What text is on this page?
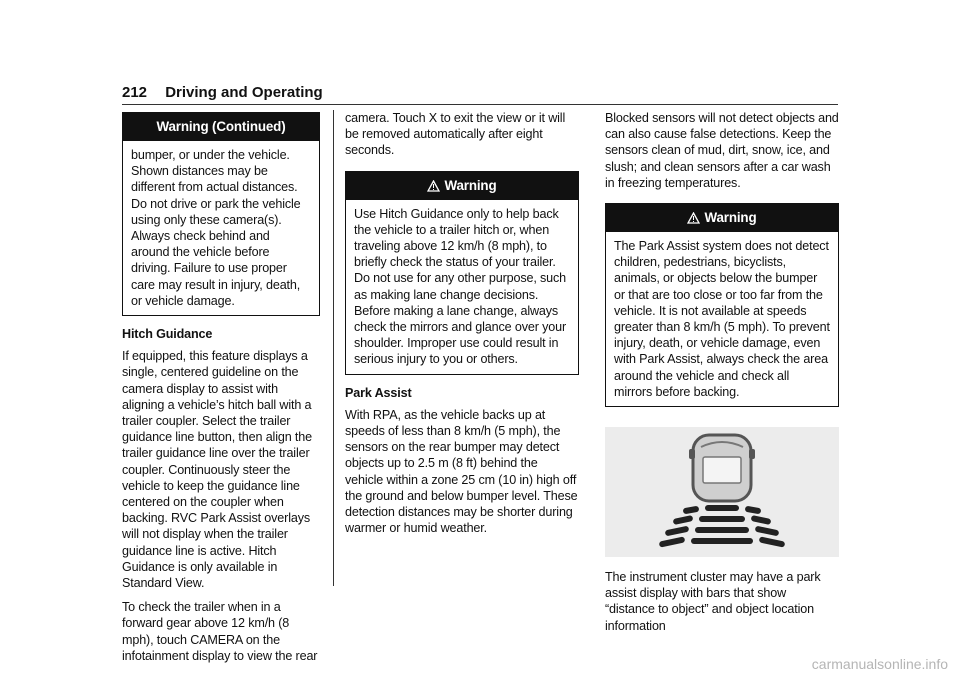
212 Driving and Operating
Warning (Continued)
bumper, or under the vehicle. Shown distances may be different from actual distances. Do not drive or park the vehicle using only these camera(s). Always check behind and around the vehicle before driving. Failure to use proper care may result in injury, death, or vehicle damage.
Hitch Guidance

If equipped, this feature displays a single, centered guideline on the camera display to assist with aligning a vehicle’s hitch ball with a trailer coupler. Select the trailer guidance line button, then align the trailer guidance line over the trailer coupler. Continuously steer the vehicle to keep the guidance line centered on the coupler when backing. RVC Park Assist overlays will not display when the trailer guidance line is active. Hitch Guidance is only available in Standard View.

To check the trailer when in a forward gear above 12 km/h (8 mph), touch CAMERA on the infotainment display to view the rear

camera. Touch X to exit the view or it will be removed automatically after eight seconds.

Warning
Use Hitch Guidance only to help back the vehicle to a trailer hitch or, when traveling above 12 km/h (8 mph), to briefly check the status of your trailer. Do not use for any other purpose, such as making lane change decisions. Before making a lane change, always check the mirrors and glance over your shoulder. Improper use could result in serious injury to you or others.
Park Assist

With RPA, as the vehicle backs up at speeds of less than 8 km/h (5 mph), the sensors on the rear bumper may detect objects up to 2.5 m (8 ft) behind the vehicle within a zone 25 cm (10 in) high off the ground and below bumper level. These detection distances may be shorter during warmer or humid weather.

Blocked sensors will not detect objects and can also cause false detections. Keep the sensors clean of mud, dirt, snow, ice, and slush; and clean sensors after a car wash in freezing temperatures.

Warning
The Park Assist system does not detect children, pedestrians, bicyclists, animals, or objects below the bumper or that are too close or too far from the vehicle. It is not available at speeds greater than 8 km/h (5 mph). To prevent injury, death, or vehicle damage, even with Park Assist, always check the area around the vehicle and check all mirrors before backing.

The instrument cluster may have a park assist display with bars that show “distance to object” and object location information

carmanualsonline.info
